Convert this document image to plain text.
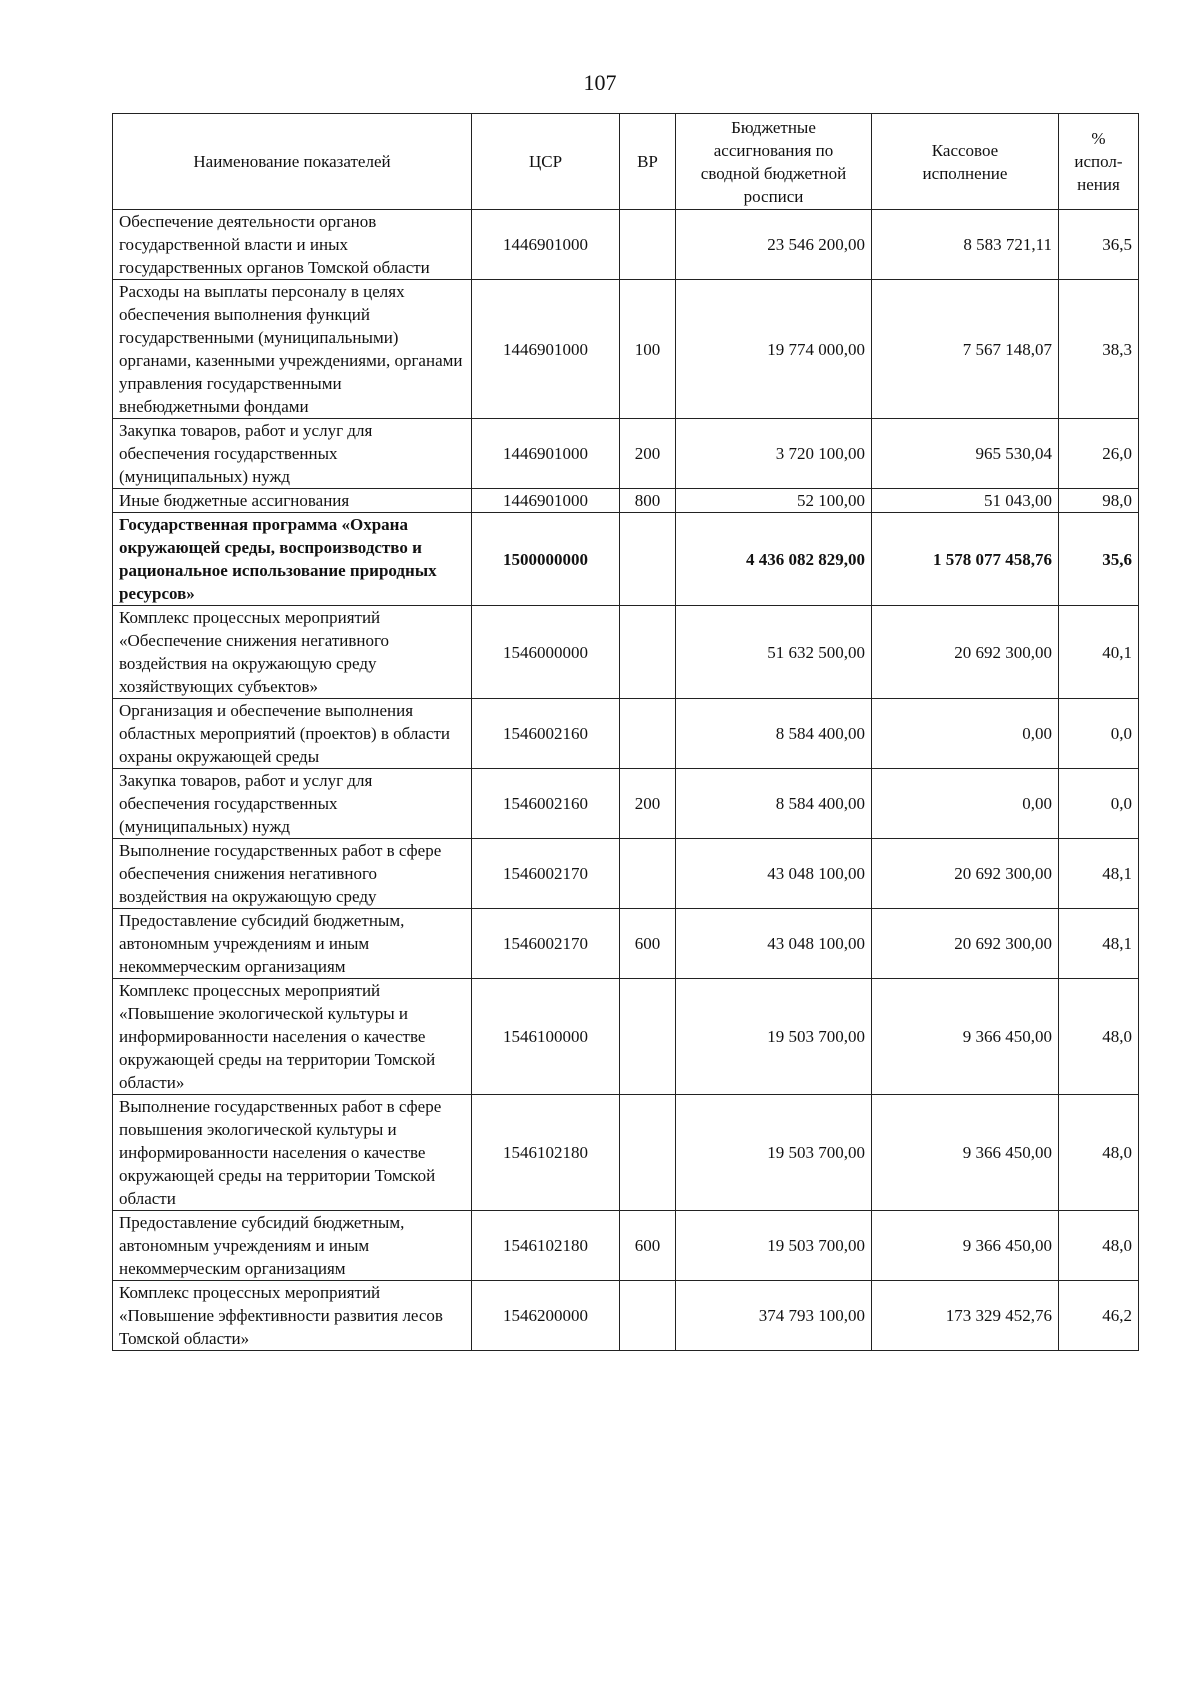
107
Наименование показателей	ЦСР	ВР	Бюджетные ассигнования по сводной бюджетной росписи	Кассовое исполнение	% испол-нения
Обеспечение деятельности органов государственной власти и иных государственных органов Томской области	1446901000		23 546 200,00	8 583 721,11	36,5
Расходы на выплаты персоналу в целях обеспечения выполнения функций государственными (муниципальными) органами, казенными учреждениями, органами управления государственными внебюджетными фондами	1446901000	100	19 774 000,00	7 567 148,07	38,3
Закупка товаров, работ и услуг для обеспечения государственных (муниципальных) нужд	1446901000	200	3 720 100,00	965 530,04	26,0
Иные бюджетные ассигнования	1446901000	800	52 100,00	51 043,00	98,0
Государственная программа «Охрана окружающей среды, воспроизводство и рациональное использование природных ресурсов»	1500000000		4 436 082 829,00	1 578 077 458,76	35,6
Комплекс процессных мероприятий «Обеспечение снижения негативного воздействия на окружающую среду хозяйствующих субъектов»	1546000000		51 632 500,00	20 692 300,00	40,1
Организация и обеспечение выполнения областных мероприятий (проектов) в области охраны окружающей среды	1546002160		8 584 400,00	0,00	0,0
Закупка товаров, работ и услуг для обеспечения государственных (муниципальных) нужд	1546002160	200	8 584 400,00	0,00	0,0
Выполнение государственных работ в сфере обеспечения снижения негативного воздействия на окружающую среду	1546002170		43 048 100,00	20 692 300,00	48,1
Предоставление субсидий бюджетным, автономным учреждениям и иным некоммерческим организациям	1546002170	600	43 048 100,00	20 692 300,00	48,1
Комплекс процессных мероприятий «Повышение экологической культуры и информированности населения о качестве окружающей среды на территории Томской области»	1546100000		19 503 700,00	9 366 450,00	48,0
Выполнение государственных работ в сфере повышения экологической культуры и информированности населения о качестве окружающей среды на территории Томской области	1546102180		19 503 700,00	9 366 450,00	48,0
Предоставление субсидий бюджетным, автономным учреждениям и иным некоммерческим организациям	1546102180	600	19 503 700,00	9 366 450,00	48,0
Комплекс процессных мероприятий «Повышение эффективности развития лесов Томской области»	1546200000		374 793 100,00	173 329 452,76	46,2
